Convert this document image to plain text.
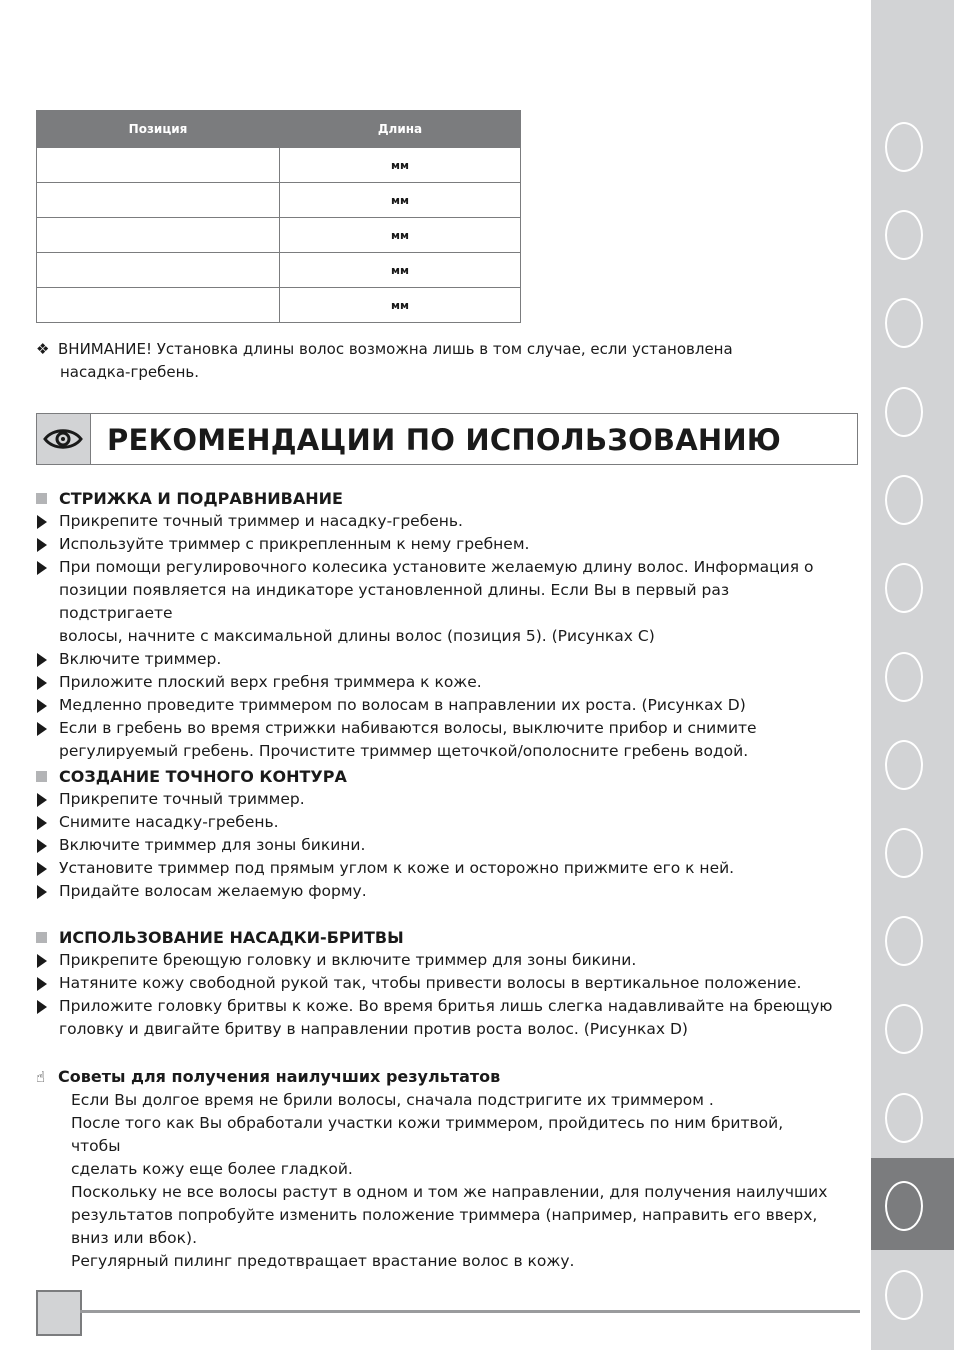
Позиция	Длина
	мм
	мм
	мм
	мм
	мм
❖ ВНИМАНИЕ! Установка длины волос возможна лишь в том случае, если установлена
насадка-гребень.
РЕКОМЕНДАЦИИ ПО ИСПОЛЬЗОВАНИЮ
СТРИЖКА И ПОДРАВНИВАНИЕ
Прикрепите точный триммер и насадку-гребень.
Используйте триммер с прикрепленным к нему гребнем.
При помощи регулировочного колесика установите желаемую длину волос. Информация о
позиции появляется на индикаторе установленной длины. Если Вы в первый раз подстригаете
волосы, начните с максимальной длины волос (позиция 5). (Рисунках C)
Включите триммер.
Приложите плоский верх гребня триммера к коже.
Медленно проведите триммером по волосам в направлении их роста. (Рисунках D)
Если в гребень во время стрижки набиваются волосы, выключите прибор и снимите
регулируемый гребень. Прочистите триммер щеточкой/ополосните гребень водой.
СОЗДАНИЕ ТОЧНОГО КОНТУРА
Прикрепите точный триммер.
Снимите насадку-гребень.
Включите триммер для зоны бикини.
Установите триммер под прямым углом к коже и осторожно прижмите его к ней.
Придайте волосам желаемую форму.
ИСПОЛЬЗОВАНИЕ НАСАДКИ-БРИТВЫ
Прикрепите бреющую головку и включите триммер для зоны бикини.
Натяните кожу свободной рукой так, чтобы привести волосы в вертикальное положение.
Приложите головку бритвы к коже. Во время бритья лишь слегка надавливайте на бреющую
головку и двигайте бритву в направлении против роста волос. (Рисунках D)
☝ Советы для получения наилучших результатов
Если Вы долгое время не брили волосы, сначала подстригите их триммером .
После того как Вы обработали участки кожи триммером, пройдитесь по ним бритвой, чтобы
сделать кожу еще более гладкой.
Поскольку не все волосы растут в одном и том же направлении, для получения наилучших
результатов попробуйте изменить положение триммера (например, направить его вверх,
вниз или вбок).
Регулярный пилинг предотвращает врастание волос в кожу.
